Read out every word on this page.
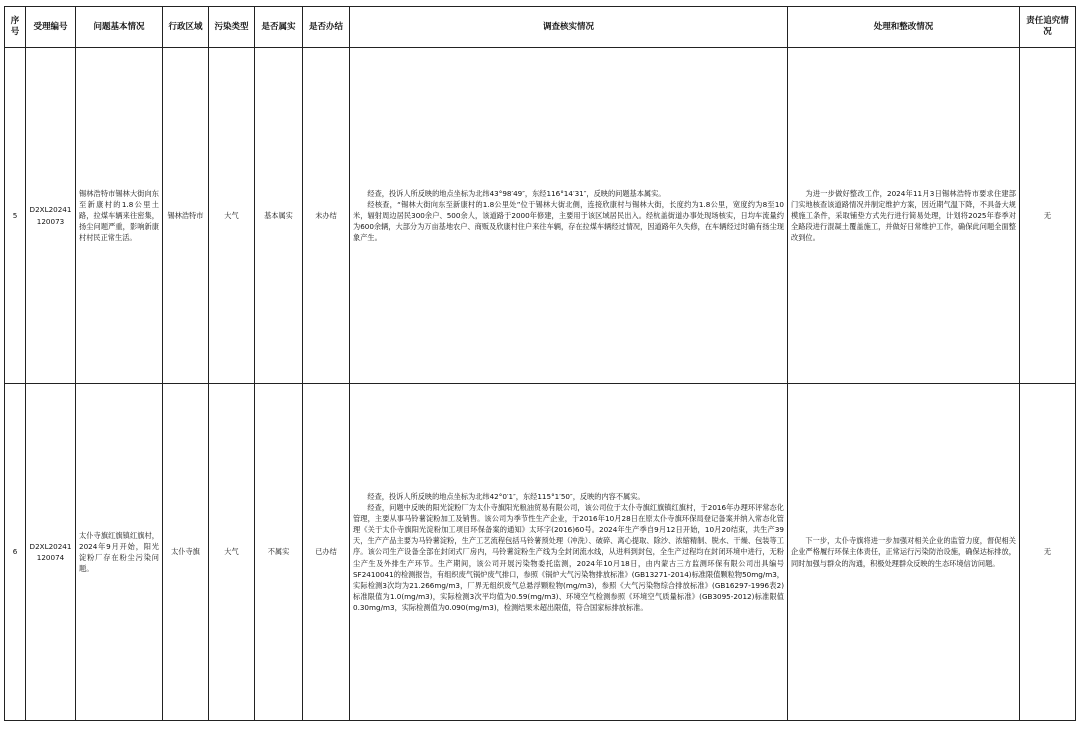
序号	受理编号	问题基本情况	行政区域	污染类型	是否属实	是否办结	调查核实情况	处理和整改情况	责任追究情况
5	D2XL20241120073	锡林浩特市锡林大街向东至新康村的1.8公里土路，拉煤车辆来往密集，扬尘问题严重，影响新康村村民正常生活。	锡林浩特市	大气	基本属实	未办结	经查，投诉人所反映的地点坐标为北纬43°98′49″，东经116°14′31″，反映的问题基本属实。
经核查，“锡林大街向东至新康村的1.8公里处”位于锡林大街北侧，连接欣康村与锡林大街，长度约为1.8公里，宽度约为8至10米，辐射周边居民300余户、500余人，该道路于2000年修建，主要用于该区域居民出入。经杭盖街道办事处现场核实，日均车流量约为600余辆，大部分为万亩基地农户、商贩及欣康村住户来往车辆，存在拉煤车辆经过情况，因道路年久失修，在车辆经过时确有扬尘现象产生。	为进一步做好整改工作，2024年11月3日锡林浩特市要求住建部门实地核查该道路情况并制定维护方案，因近期气温下降，不具备大规模施工条件，采取铺垫方式先行进行简易处理，计划将2025年春季对全路段进行混凝土覆盖施工，并做好日常维护工作，确保此问题全面整改到位。	无
6	D2XL20241120074	太仆寺旗红旗镇红旗村，2024年9月开始，阳光淀粉厂存在粉尘污染问题。	太仆寺旗	大气	不属实	已办结	经查，投诉人所反映的地点坐标为北纬42°0′1″，东经115°1′50″，反映的内容不属实。
经查，问题中反映的阳光淀粉厂为太仆寺旗阳光粮油贸易有限公司，该公司位于太仆寺旗红旗镇红旗村，于2016年办理环评常态化管理，主要从事马铃薯淀粉加工及销售。该公司为季节性生产企业，于2016年10月28日在原太仆寺旗环保局登记备案并纳入常态化管理《关于太仆寺旗阳光淀粉加工项目环保备案的通知》太环字(2016)60号。2024年生产季自9月12日开始，10月20结束，共生产39天，生产产品主要为马铃薯淀粉，生产工艺流程包括马铃薯预处理（冲洗）、破碎、离心提取、除沙、浓缩精制、脱水、干燥、包装等工序。该公司生产设备全部在封闭式厂房内，马铃薯淀粉生产线为全封闭流水线，从进料到封包，全生产过程均在封闭环境中进行，无粉尘产生及外排生产环节。生产期间，该公司开展污染物委托监测，2024年10月18日，由内蒙古三方监测环保有限公司出具编号SF2410041的检测报告，有组织废气锅炉废气排口，参照《锅炉大气污染物排放标准》(GB13271-2014)标准限值颗粒物50mg/m3，实际检测3次均为21.266mg/m3，厂界无组织废气总悬浮颗粒物(mg/m3)，参照《大气污染物综合排放标准》(GB16297-1996表2)标准限值为1.0(mg/m3)，实际检测3次平均值为0.59(mg/m3)、环境空气检测参照《环境空气质量标准》(GB3095-2012)标准限值0.30mg/m3，实际检测值为0.090(mg/m3)，检测结果未超出限值，符合国家标排放标准。	下一步，太仆寺旗将进一步加强对相关企业的监管力度，督促相关企业严格履行环保主体责任，正常运行污染防治设施，确保达标排放，同时加强与群众的沟通，积极处理群众反映的生态环境信访问题。	无
